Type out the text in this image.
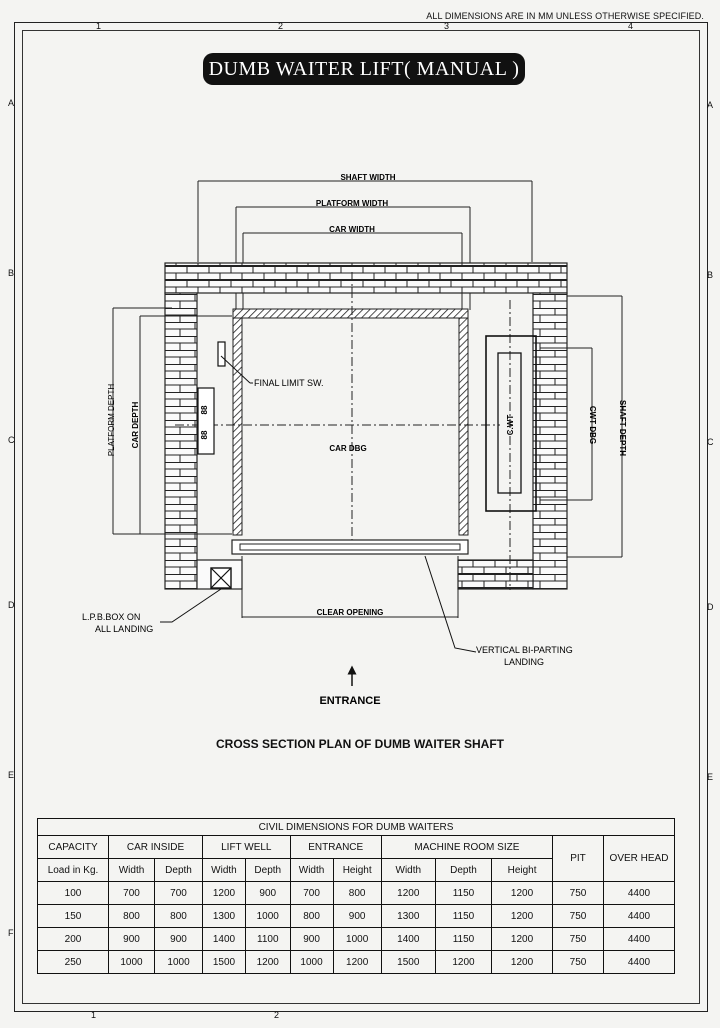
ALL DIMENSIONS ARE IN MM UNLESS OTHERWISE SPECIFIED.
1	2	3	4
1	2
A
B
C
D
E
F
A
B
C
D
E
DUMB WAITER LIFT( MANUAL )
SHAFT WIDTH
PLATFORM WIDTH
CAR WIDTH
C.WT	CWT DBG	SHAFT DEPTH
PLATFORM DEPTH CAR DEPTH	88
88
FINAL LIMIT SW.
CAR DBG
CLEAR OPENING
L.P.B.BOX ON
ALL LANDING
VERTICAL BI-PARTING
LANDING
ENTRANCE
CROSS SECTION PLAN OF DUMB WAITER SHAFT
CIVIL DIMENSIONS FOR DUMB WAITERS											
CAPACITY	CAR INSIDE		LIFT WELL		ENTRANCE		MACHINE ROOM SIZE			PIT	OVER HEAD
Load in Kg.	Width	Depth	Width	Depth	Width	Height	Width	Depth	Height		
100	700	700	1200	900	700	800	1200	1150	1200	750	4400
150	800	800	1300	1000	800	900	1300	1150	1200	750	4400
200	900	900	1400	1100	900	1000	1400	1150	1200	750	4400
250	1000	1000	1500	1200	1000	1200	1500	1200	1200	750	4400
